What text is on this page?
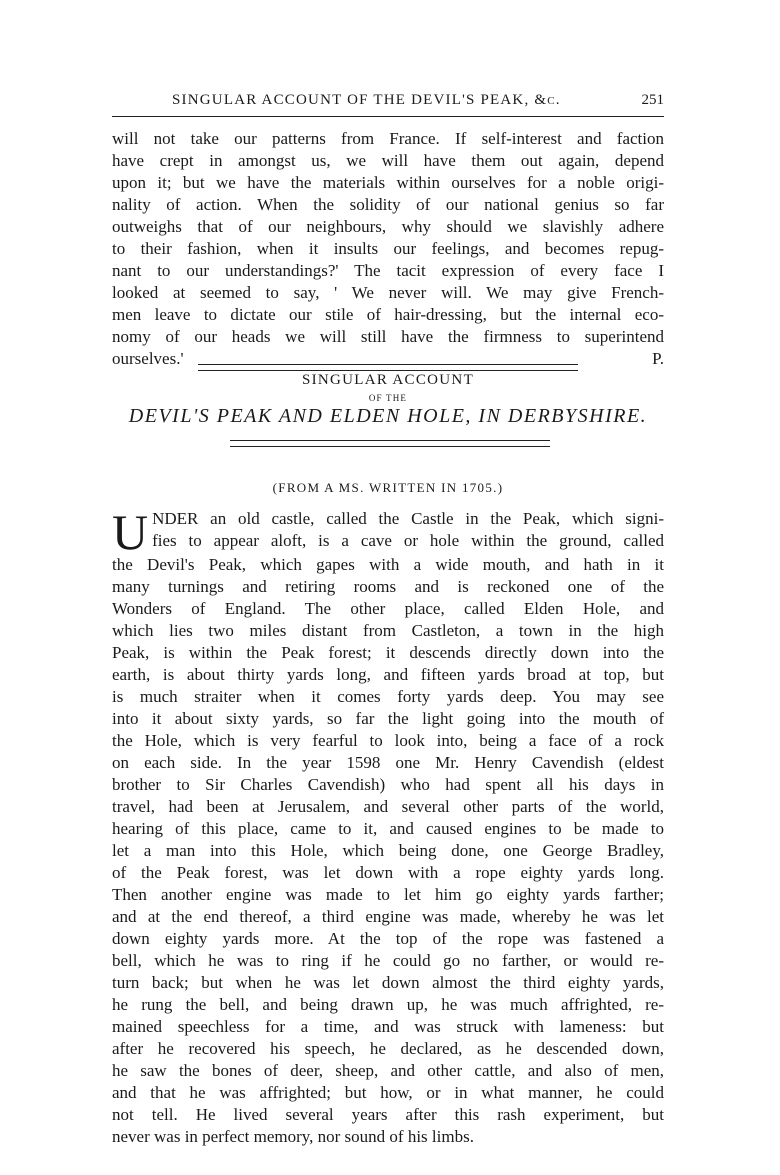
SINGULAR ACCOUNT OF THE DEVIL'S PEAK, &c.	251
will not take our patterns from France. If self-interest and faction
have crept in amongst us, we will have them out again, depend
upon it; but we have the materials within ourselves for a noble origi-
nality of action. When the solidity of our national genius so far
outweighs that of our neighbours, why should we slavishly adhere
to their fashion, when it insults our feelings, and becomes repug-
nant to our understandings?' The tacit expression of every face I
looked at seemed to say, ' We never will. We may give French-
men leave to dictate our stile of hair-dressing, but the internal eco-
nomy of our heads we will still have the firmness to superintend
ourselves.'	P.
SINGULAR ACCOUNT
OF THE
DEVIL'S PEAK AND ELDEN HOLE, IN DERBYSHIRE.
(FROM A MS. WRITTEN IN 1705.)
U NDER an old castle, called the Castle in the Peak, which signi-
fies to appear aloft, is a cave or hole within the ground, called
the Devil's Peak, which gapes with a wide mouth, and hath in it
many turnings and retiring rooms and is reckoned one of the
Wonders of England. The other place, called Elden Hole, and
which lies two miles distant from Castleton, a town in the high
Peak, is within the Peak forest; it descends directly down into the
earth, is about thirty yards long, and fifteen yards broad at top, but
is much straiter when it comes forty yards deep. You may see
into it about sixty yards, so far the light going into the mouth of
the Hole, which is very fearful to look into, being a face of a rock
on each side. In the year 1598 one Mr. Henry Cavendish (eldest
brother to Sir Charles Cavendish) who had spent all his days in
travel, had been at Jerusalem, and several other parts of the world,
hearing of this place, came to it, and caused engines to be made to
let a man into this Hole, which being done, one George Bradley,
of the Peak forest, was let down with a rope eighty yards long.
Then another engine was made to let him go eighty yards farther;
and at the end thereof, a third engine was made, whereby he was let
down eighty yards more. At the top of the rope was fastened a
bell, which he was to ring if he could go no farther, or would re-
turn back; but when he was let down almost the third eighty yards,
he rung the bell, and being drawn up, he was much affrighted, re-
mained speechless for a time, and was struck with lameness: but
after he recovered his speech, he declared, as he descended down,
he saw the bones of deer, sheep, and other cattle, and also of men,
and that he was affrighted; but how, or in what manner, he could
not tell. He lived several years after this rash experiment, but
never was in perfect memory, nor sound of his limbs.
